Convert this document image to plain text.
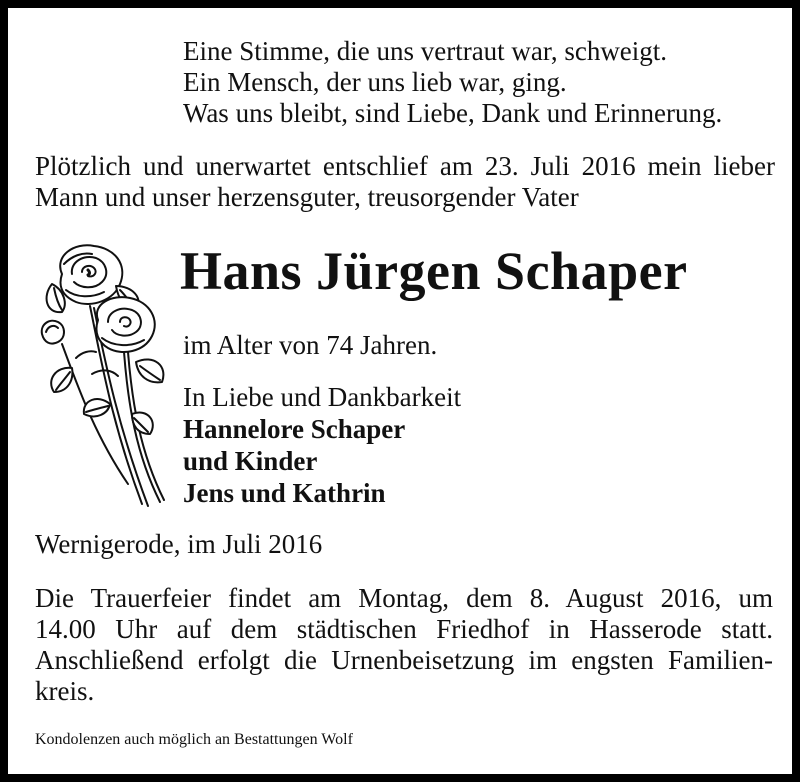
Eine Stimme, die uns vertraut war, schweigt.
Ein Mensch, der uns lieb war, ging.
Was uns bleibt, sind Liebe, Dank und Erinnerung.
Plötzlich und unerwartet entschlief am 23. Juli 2016 mein lieber
Mann und unser herzensguter, treusorgender Vater
Hans Jürgen Schaper
im Alter von 74 Jahren.
In Liebe und Dankbarkeit
Hannelore Schaper
und Kinder
Jens und Kathrin
Wernigerode, im Juli 2016
Die Trauerfeier findet am Montag, dem 8. August 2016, um
14.00 Uhr auf dem städtischen Friedhof in Hasserode statt.
Anschließend erfolgt die Urnenbeisetzung im engsten Familien-
kreis.
Kondolenzen auch möglich an Bestattungen Wolf
